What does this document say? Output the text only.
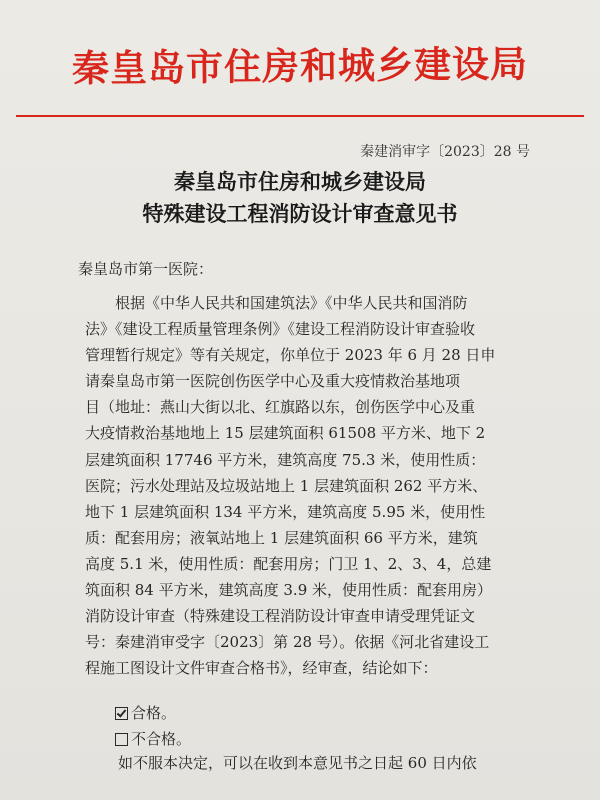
秦皇岛市住房和城乡建设局
秦建消审字〔2023〕28 号
秦皇岛市住房和城乡建设局
特殊建设工程消防设计审查意见书
秦皇岛市第一医院：
根据《中华人民共和国建筑法》《中华人民共和国消防
法》《建设工程质量管理条例》《建设工程消防设计审查验收
管理暂行规定》等有关规定，你单位于 2023 年 6 月 28 日申
请秦皇岛市第一医院创伤医学中心及重大疫情救治基地项
目（地址：燕山大街以北、红旗路以东，创伤医学中心及重
大疫情救治基地地上 15 层建筑面积 61508 平方米、地下 2
层建筑面积 17746 平方米，建筑高度 75.3 米，使用性质：
医院；污水处理站及垃圾站地上 1 层建筑面积 262 平方米、
地下 1 层建筑面积 134 平方米，建筑高度 5.95 米，使用性
质：配套用房；液氧站地上 1 层建筑面积 66 平方米，建筑
高度 5.1 米，使用性质：配套用房；门卫 1、2、3、4，总建
筑面积 84 平方米，建筑高度 3.9 米，使用性质：配套用房）
消防设计审查（特殊建设工程消防设计审查申请受理凭证文
号：秦建消审受字〔2023〕第 28 号）。依据《河北省建设工
程施工图设计文件审查合格书》，经审查，结论如下：
合格。
不合格。
如不服本决定，可以在收到本意见书之日起 60 日内依
